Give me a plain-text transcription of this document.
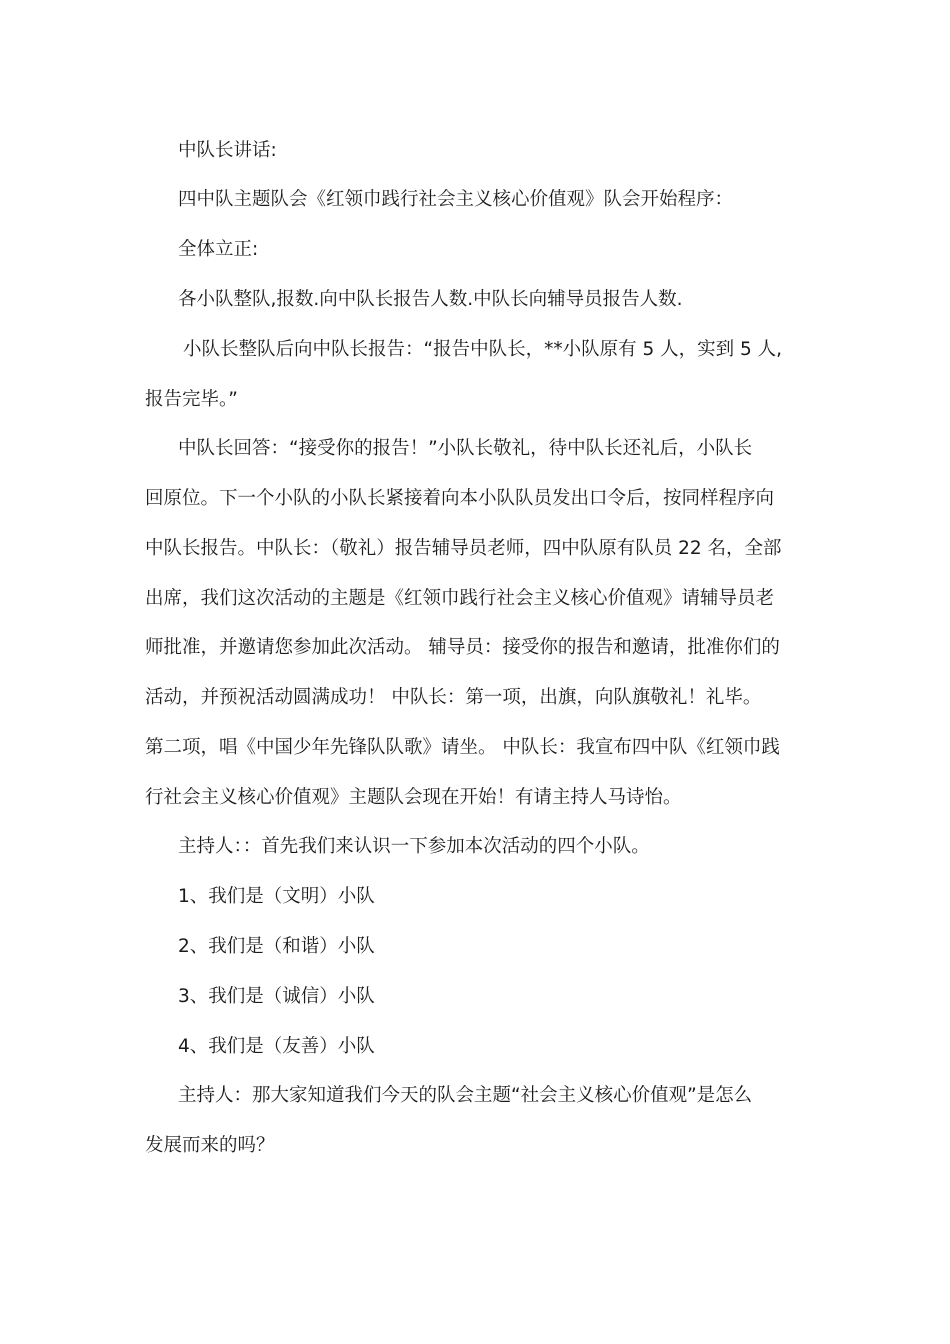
中队长讲话:
四中队主题队会《红领巾践行社会主义核心价值观》队会开始程序：
全体立正:
各小队整队,报数.向中队长报告人数.中队长向辅导员报告人数.
小队长整队后向中队长报告：“报告中队长，**小队原有 5 人，实到 5 人,
报告完毕。”
中队长回答：“接受你的报告！”小队长敬礼，待中队长还礼后，小队长
回原位。下一个小队的小队长紧接着向本小队队员发出口令后，按同样程序向
中队长报告。中队长：（敬礼）报告辅导员老师，四中队原有队员 22 名，全部
出席，我们这次活动的主题是《红领巾践行社会主义核心价值观》请辅导员老
师批准，并邀请您参加此次活动。 辅导员：接受你的报告和邀请，批准你们的
活动，并预祝活动圆满成功！ 中队长：第一项，出旗，向队旗敬礼！礼毕。
第二项，唱《中国少年先锋队队歌》请坐。 中队长：我宣布四中队《红领巾践
行社会主义核心价值观》主题队会现在开始！有请主持人马诗怡。
主持人：：首先我们来认识一下参加本次活动的四个小队。
1、我们是（文明）小队
2、我们是（和谐）小队
3、我们是（诚信）小队
4、我们是（友善）小队
主持人：那大家知道我们今天的队会主题“社会主义核心价值观”是怎么
发展而来的吗？
